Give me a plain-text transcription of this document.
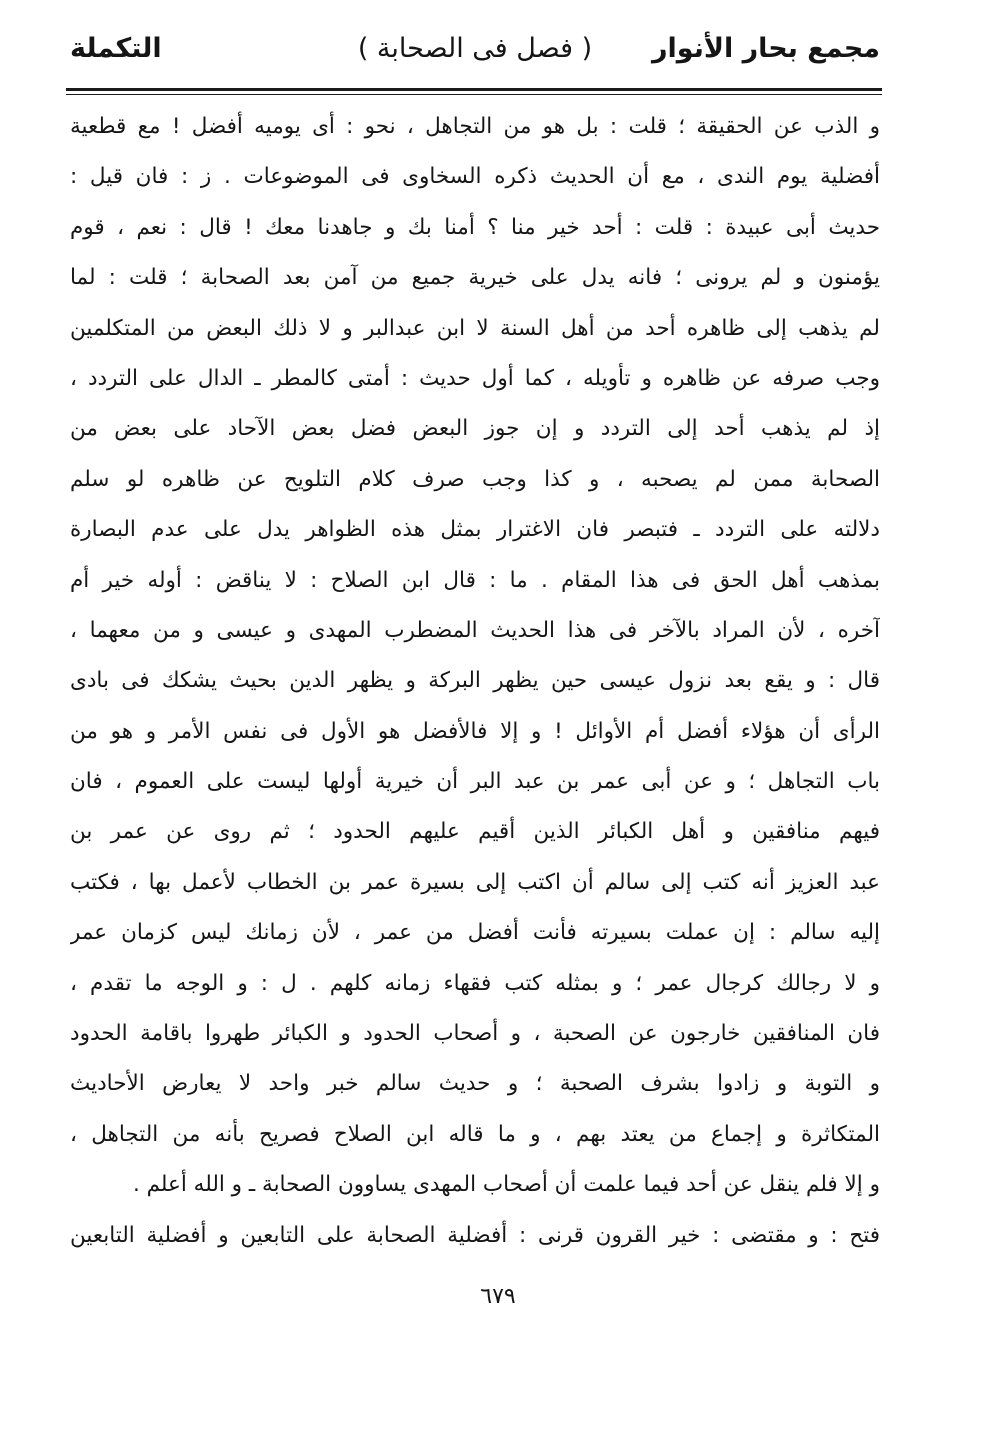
مجمع بحار الأنوار
( فصل فى الصحابة )
التكملة
و الذب عن الحقيقة ؛ قلت : بل هو من التجاهل ، نحو : أى يوميه أفضل ! مع قطعية
أفضلية يوم الندى ، مع أن الحديث ذكره السخاوى فى الموضوعات . ز : فان قيل :
حديث أبى عبيدة : قلت : أحد خير منا ؟ أمنا بك و جاهدنا معك ! قال : نعم ، قوم
يؤمنون و لم يرونى ؛ فانه يدل على خيرية جميع من آمن بعد الصحابة ؛ قلت : لما
لم يذهب إلى ظاهره أحد من أهل السنة لا ابن عبدالبر و لا ذلك البعض من المتكلمين
وجب صرفه عن ظاهره و تأويله ، كما أول حديث : أمتى كالمطر ـ الدال على التردد ،
إذ لم يذهب أحد إلى التردد و إن جوز البعض فضل بعض الآحاد على بعض من
الصحابة ممن لم يصحبه ، و كذا وجب صرف كلام التلويح عن ظاهره لو سلم
دلالته على التردد ـ فتبصر فان الاغترار بمثل هذه الظواهر يدل على عدم البصارة
بمذهب أهل الحق فى هذا المقام . ما : قال ابن الصلاح : لا يناقض : أوله خير أم
آخره ، لأن المراد بالآخر فى هذا الحديث المضطرب المهدى و عيسى و من معهما ،
قال : و يقع بعد نزول عيسى حين يظهر البركة و يظهر الدين بحيث يشكك فى بادى
الرأى أن هؤلاء أفضل أم الأوائل ! و إلا فالأفضل هو الأول فى نفس الأمر و هو من
باب التجاهل ؛ و عن أبى عمر بن عبد البر أن خيرية أولها ليست على العموم ، فان
فيهم منافقين و أهل الكبائر الذين أقيم عليهم الحدود ؛ ثم روى عن عمر بن
عبد العزيز أنه كتب إلى سالم أن اكتب إلى بسيرة عمر بن الخطاب لأعمل بها ، فكتب
إليه سالم : إن عملت بسيرته فأنت أفضل من عمر ، لأن زمانك ليس كزمان عمر
و لا رجالك كرجال عمر ؛ و بمثله كتب فقهاء زمانه كلهم . ل : و الوجه ما تقدم ،
فان المنافقين خارجون عن الصحبة ، و أصحاب الحدود و الكبائر طهروا باقامة الحدود
و التوبة و زادوا بشرف الصحبة ؛ و حديث سالم خبر واحد لا يعارض الأحاديث
المتكاثرة و إجماع من يعتد بهم ، و ما قاله ابن الصلاح فصريح بأنه من التجاهل ،
و إلا فلم ينقل عن أحد فيما علمت أن أصحاب المهدى يساوون الصحابة ـ و الله أعلم .
فتح : و مقتضى : خير القرون قرنى : أفضلية الصحابة على التابعين و أفضلية التابعين
٦٧٩
